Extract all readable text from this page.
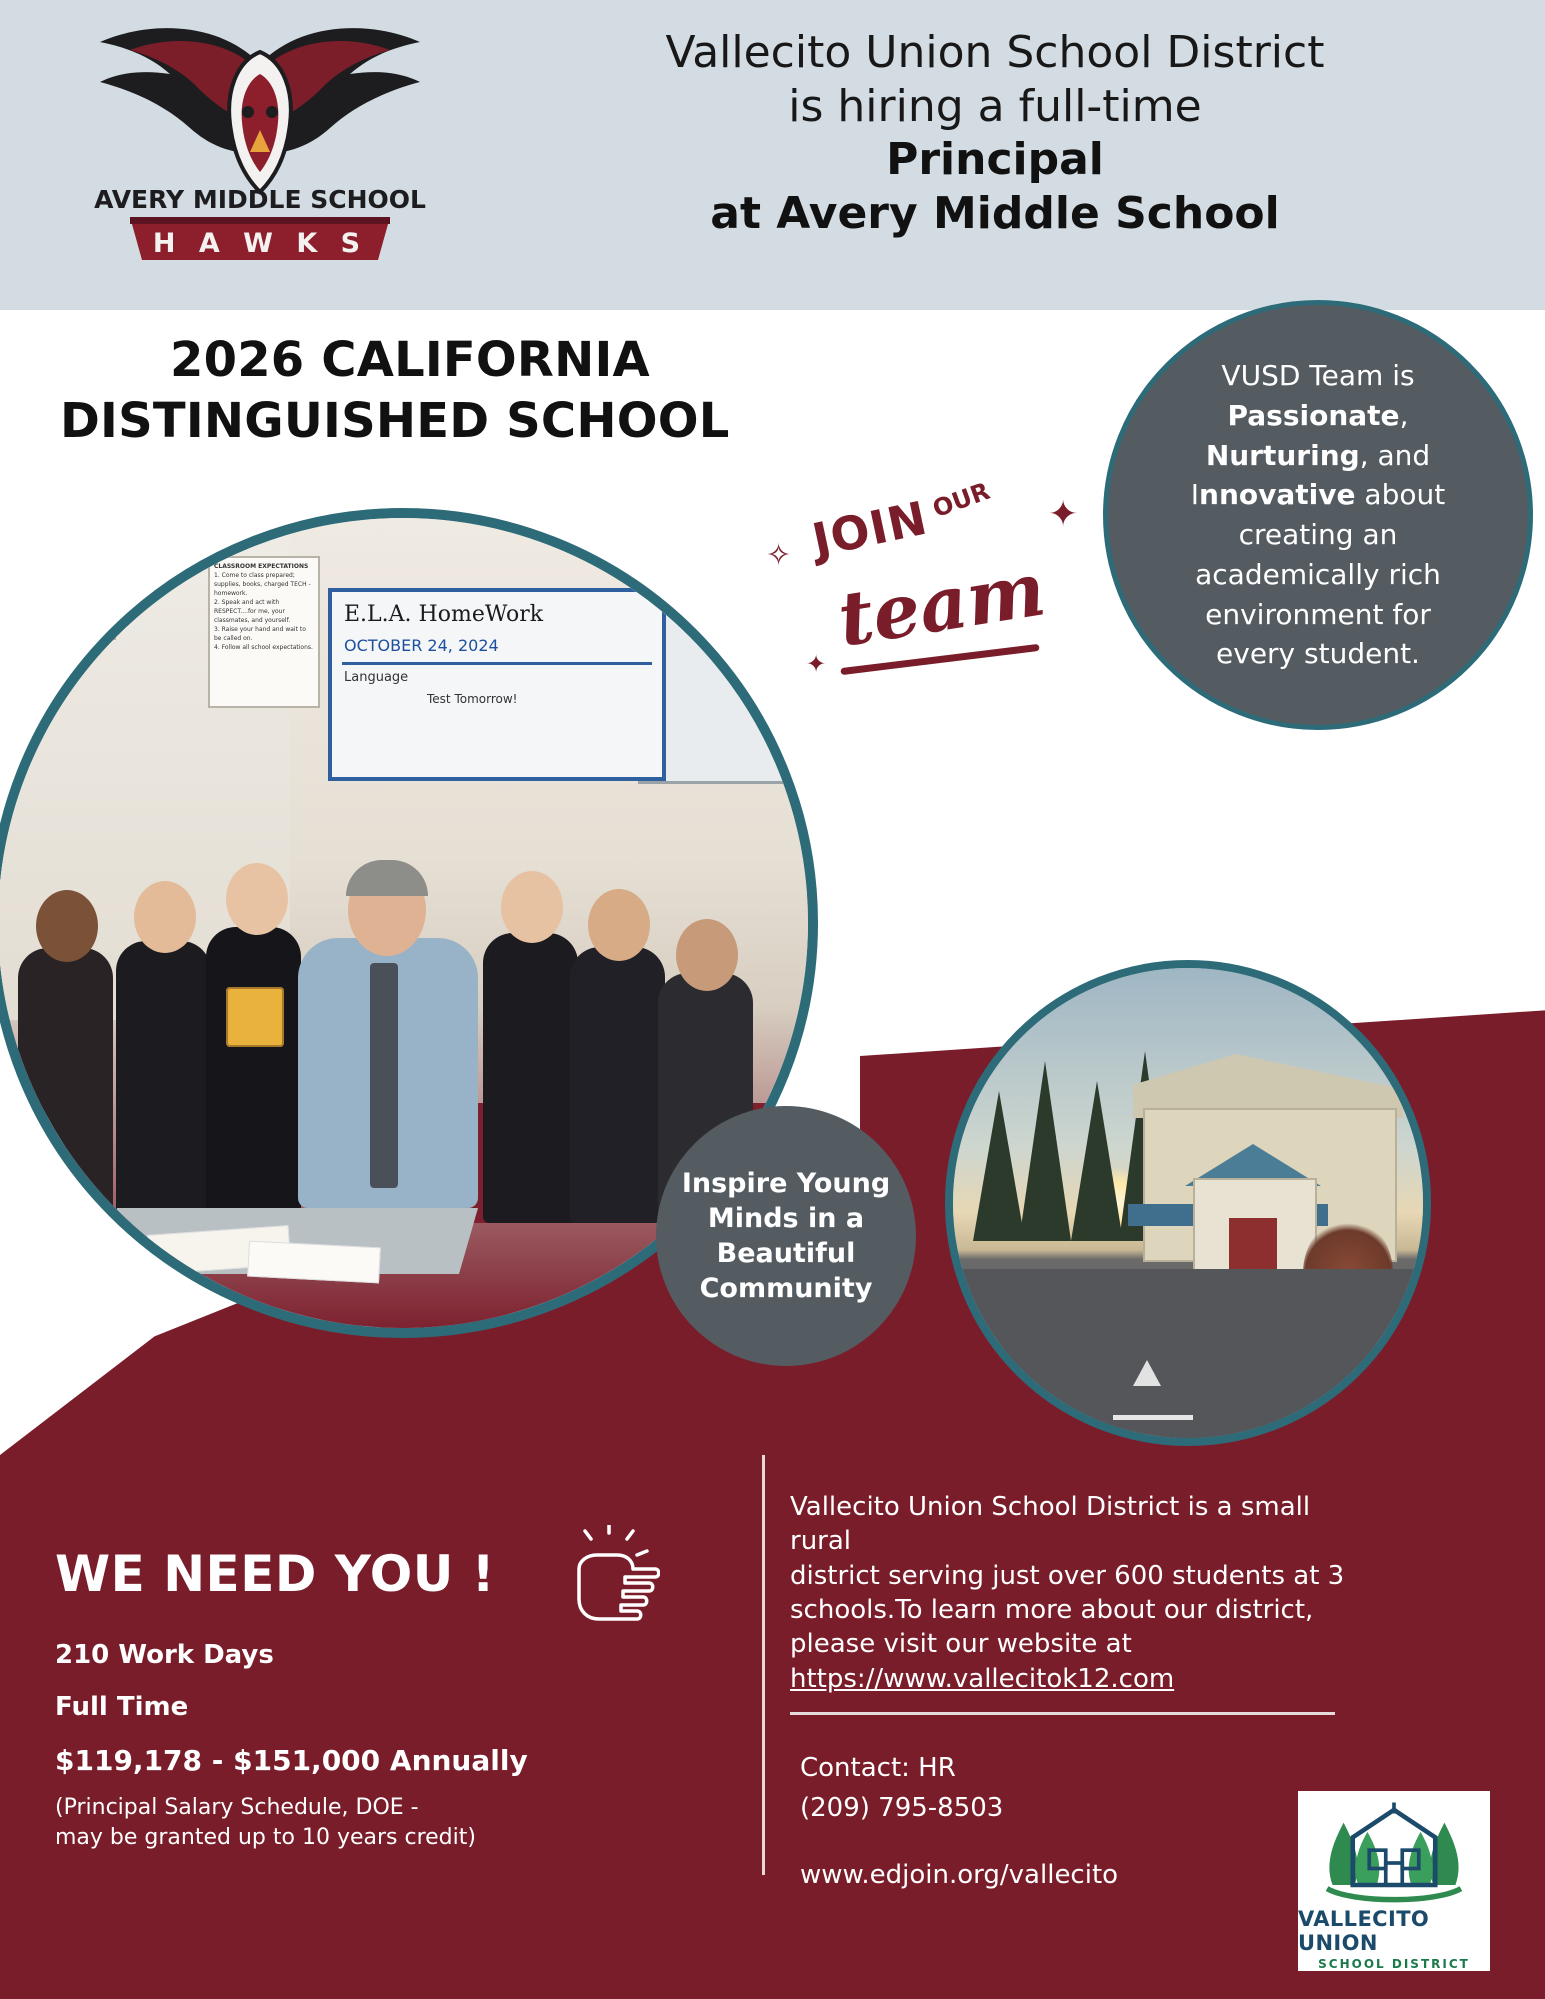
AVERY MIDDLE SCHOOL
H A W K S
Vallecito Union School District
is hiring a full-time
Principal
at Avery Middle School
2026 CALIFORNIA
DISTINGUISHED SCHOOL
CLASSROOM EXPECTATIONS
1. Come to class prepared; supplies, books, charged TECH - homework.
2. Speak and act with RESPECT....for me, your classmates, and yourself.
3. Raise your hand and wait to be called on.
4. Follow all school expectations.
E.L.A. HomeWork
OCTOBER 24, 2024
Language
Test Tomorrow!
✧
✦
✦
JOIN
OUR
team
VUSD Team is Passionate, Nurturing, and Innovative about creating an academically rich environment for every student.
Inspire Young Minds in a Beautiful Community
WE NEED YOU !
210 Work Days
Full Time
$119,178 - $151,000 Annually
(Principal Salary Schedule, DOE -
may be granted up to 10 years credit)
Vallecito Union School District is a small rural
district serving just over 600 students at 3
schools.To learn more about our district,
please visit our website at
https://www.vallecitok12.com
Contact: HR
(209) 795-8503
www.edjoin.org/vallecito
VALLECITO UNION
SCHOOL DISTRICT
